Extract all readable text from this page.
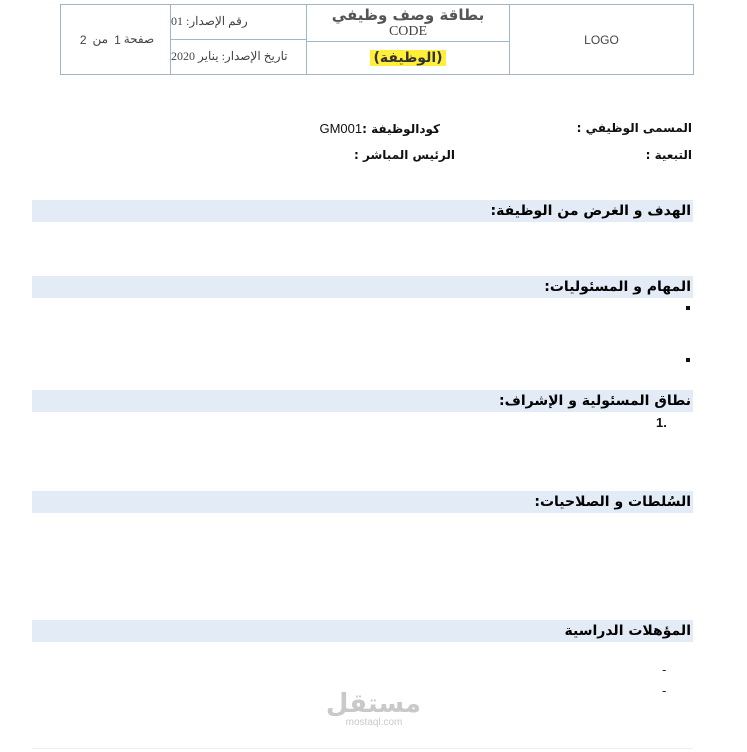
صفحة
1
من
2
رقم الإصدار: 01
تاريخ الإصدار: يناير 2020
بطاقة وصف وظيفي
CODE
(الوظيفة)
LOGO
المسمى الوظيفي :
كودالوظيفة :GM001
التبعية :
الرئيس المباشر :
الهدف و الغرض من الوظيفة:
المهام و المسئوليات:
نطاق المسئولية و الإشراف:
1.
السُلطات و الصلاحيات:
المؤهلات الدراسية
-
-
مستقل
mostaql.com
